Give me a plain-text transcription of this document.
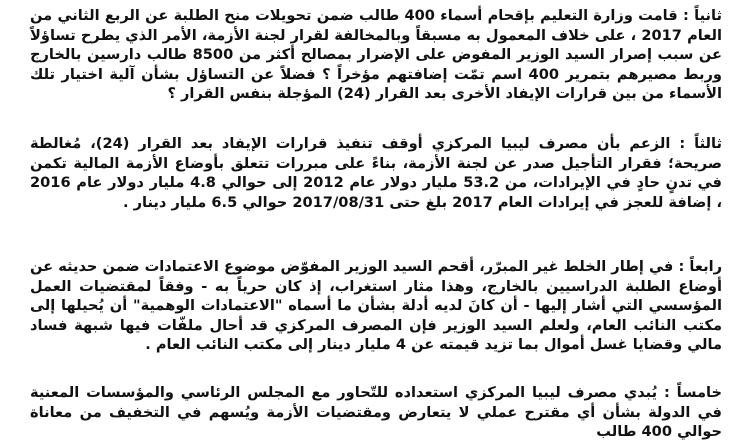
ثانياً : قامت وزارة التعليم بإقحام أسماء 400 طالب ضمن تحويلات منح الطلبة عن الربع الثاني من العام 2017 ، على خلاف المعمول به مسبقاً وبالمخالفة لقرار لجنة الأزمة، الأمر الذي يطرح تساؤلاً عن سبب إصرار السيد الوزير المفوض على الإضرار بمصالح أكثر من 8500 طالب دارسين بالخارج وربط مصيرهم بتمرير 400 اسم تمّت إضافتهم مؤخراً ؟ فضلاً عن التساؤل بشأن آلية اختيار تلك الأسماء من بين قرارات الإيفاد الأخرى بعد القرار (24) المؤجلة بنفس القرار ؟

ثالثاً : الزعم بأن مصرف ليبيا المركزي أوقف تنفيذ قرارات الإيفاد بعد القرار (24)، مُغالطة صريحة؛ فقرار التأجيل صدر عن لجنة الأزمة، بناءً على مبررات تتعلق بأوضاع الأزمة المالية تكمن في تدنٍ حادٍ في الإيرادات، من 53.2 مليار دولار عام 2012 إلى حوالي 4.8 مليار دولار عام 2016 ، إضافة للعجز في إيرادات العام 2017 بلغ حتى 2017/08/31 حوالي 6.5 مليار دينار .

رابعاً : في إطار الخلط غير المبرّر، أقحم السيد الوزير المفوّض موضوع الاعتمادات ضمن حديثه عن أوضاع الطلبة الدراسيين بالخارج، وهذا مثار استغراب، إذ كان حرياً به - وفقاً لمقتضيات العمل المؤسسي التي أشار إليها - أن كانَ لديه أدلة بشأن ما أسماه "الاعتمادات الوهمية" أن يُحيلها إلى مكتب النائب العام، ولعلم السيد الوزير فإن المصرف المركزي قد أحال ملفّات فيها شبهة فساد مالي وقضايا غسل أموال بما تزيد قيمته عن 4 مليار دينار إلى مكتب النائب العام .

خامساً : يُبدي مصرف ليبيا المركزي استعداده للتّحاور مع المجلس الرئاسي والمؤسسات المعنية في الدولة بشأن أي مقترح عملي لا يتعارض ومقتضيات الأزمة ويُسهم في التخفيف من معاناة حوالي 400 طالب
